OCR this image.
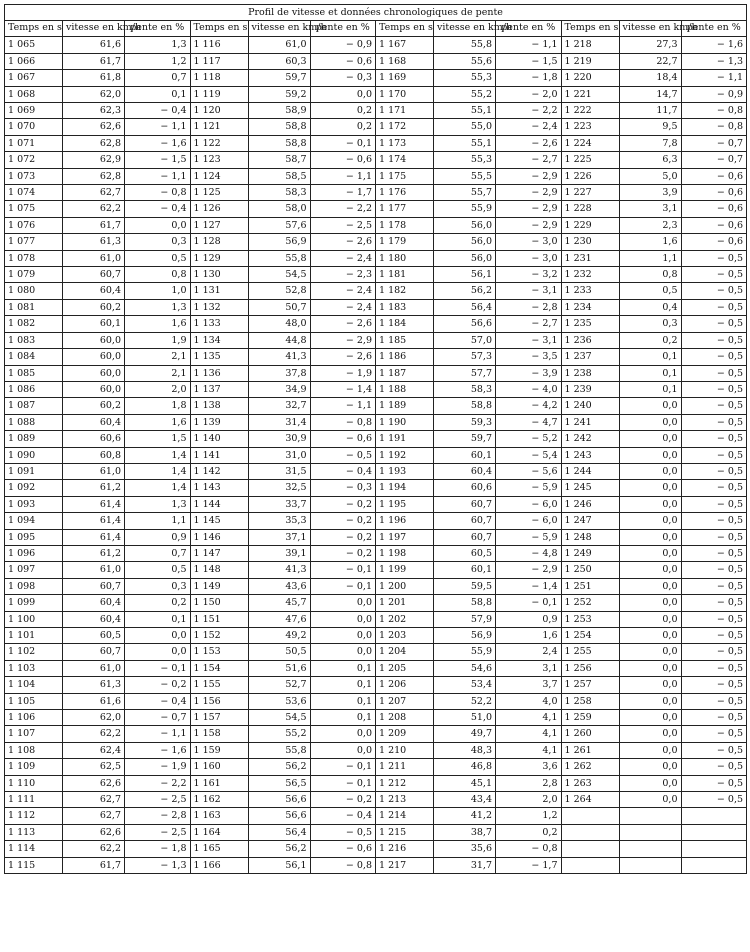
Profil de vitesse et données chronologiques de pente											
Temps en s	vitesse en km/h	pente en %	Temps en s	vitesse en km/h	pente en %	Temps en s	vitesse en km/h	pente en %	Temps en s	vitesse en km/h	pente en %
1 065	61,6	1,3	1 116	61,0	− 0,9	1 167	55,8	− 1,1	1 218	27,3	− 1,6
1 066	61,7	1,2	1 117	60,3	− 0,6	1 168	55,6	− 1,5	1 219	22,7	− 1,3
1 067	61,8	0,7	1 118	59,7	− 0,3	1 169	55,3	− 1,8	1 220	18,4	− 1,1
1 068	62,0	0,1	1 119	59,2	0,0	1 170	55,2	− 2,0	1 221	14,7	− 0,9
1 069	62,3	− 0,4	1 120	58,9	0,2	1 171	55,1	− 2,2	1 222	11,7	− 0,8
1 070	62,6	− 1,1	1 121	58,8	0,2	1 172	55,0	− 2,4	1 223	9,5	− 0,8
1 071	62,8	− 1,6	1 122	58,8	− 0,1	1 173	55,1	− 2,6	1 224	7,8	− 0,7
1 072	62,9	− 1,5	1 123	58,7	− 0,6	1 174	55,3	− 2,7	1 225	6,3	− 0,7
1 073	62,8	− 1,1	1 124	58,5	− 1,1	1 175	55,5	− 2,9	1 226	5,0	− 0,6
1 074	62,7	− 0,8	1 125	58,3	− 1,7	1 176	55,7	− 2,9	1 227	3,9	− 0,6
1 075	62,2	− 0,4	1 126	58,0	− 2,2	1 177	55,9	− 2,9	1 228	3,1	− 0,6
1 076	61,7	0,0	1 127	57,6	− 2,5	1 178	56,0	− 2,9	1 229	2,3	− 0,6
1 077	61,3	0,3	1 128	56,9	− 2,6	1 179	56,0	− 3,0	1 230	1,6	− 0,6
1 078	61,0	0,5	1 129	55,8	− 2,4	1 180	56,0	− 3,0	1 231	1,1	− 0,5
1 079	60,7	0,8	1 130	54,5	− 2,3	1 181	56,1	− 3,2	1 232	0,8	− 0,5
1 080	60,4	1,0	1 131	52,8	− 2,4	1 182	56,2	− 3,1	1 233	0,5	− 0,5
1 081	60,2	1,3	1 132	50,7	− 2,4	1 183	56,4	− 2,8	1 234	0,4	− 0,5
1 082	60,1	1,6	1 133	48,0	− 2,6	1 184	56,6	− 2,7	1 235	0,3	− 0,5
1 083	60,0	1,9	1 134	44,8	− 2,9	1 185	57,0	− 3,1	1 236	0,2	− 0,5
1 084	60,0	2,1	1 135	41,3	− 2,6	1 186	57,3	− 3,5	1 237	0,1	− 0,5
1 085	60,0	2,1	1 136	37,8	− 1,9	1 187	57,7	− 3,9	1 238	0,1	− 0,5
1 086	60,0	2,0	1 137	34,9	− 1,4	1 188	58,3	− 4,0	1 239	0,1	− 0,5
1 087	60,2	1,8	1 138	32,7	− 1,1	1 189	58,8	− 4,2	1 240	0,0	− 0,5
1 088	60,4	1,6	1 139	31,4	− 0,8	1 190	59,3	− 4,7	1 241	0,0	− 0,5
1 089	60,6	1,5	1 140	30,9	− 0,6	1 191	59,7	− 5,2	1 242	0,0	− 0,5
1 090	60,8	1,4	1 141	31,0	− 0,5	1 192	60,1	− 5,4	1 243	0,0	− 0,5
1 091	61,0	1,4	1 142	31,5	− 0,4	1 193	60,4	− 5,6	1 244	0,0	− 0,5
1 092	61,2	1,4	1 143	32,5	− 0,3	1 194	60,6	− 5,9	1 245	0,0	− 0,5
1 093	61,4	1,3	1 144	33,7	− 0,2	1 195	60,7	− 6,0	1 246	0,0	− 0,5
1 094	61,4	1,1	1 145	35,3	− 0,2	1 196	60,7	− 6,0	1 247	0,0	− 0,5
1 095	61,4	0,9	1 146	37,1	− 0,2	1 197	60,7	− 5,9	1 248	0,0	− 0,5
1 096	61,2	0,7	1 147	39,1	− 0,2	1 198	60,5	− 4,8	1 249	0,0	− 0,5
1 097	61,0	0,5	1 148	41,3	− 0,1	1 199	60,1	− 2,9	1 250	0,0	− 0,5
1 098	60,7	0,3	1 149	43,6	− 0,1	1 200	59,5	− 1,4	1 251	0,0	− 0,5
1 099	60,4	0,2	1 150	45,7	0,0	1 201	58,8	− 0,1	1 252	0,0	− 0,5
1 100	60,4	0,1	1 151	47,6	0,0	1 202	57,9	0,9	1 253	0,0	− 0,5
1 101	60,5	0,0	1 152	49,2	0,0	1 203	56,9	1,6	1 254	0,0	− 0,5
1 102	60,7	0,0	1 153	50,5	0,0	1 204	55,9	2,4	1 255	0,0	− 0,5
1 103	61,0	− 0,1	1 154	51,6	0,1	1 205	54,6	3,1	1 256	0,0	− 0,5
1 104	61,3	− 0,2	1 155	52,7	0,1	1 206	53,4	3,7	1 257	0,0	− 0,5
1 105	61,6	− 0,4	1 156	53,6	0,1	1 207	52,2	4,0	1 258	0,0	− 0,5
1 106	62,0	− 0,7	1 157	54,5	0,1	1 208	51,0	4,1	1 259	0,0	− 0,5
1 107	62,2	− 1,1	1 158	55,2	0,0	1 209	49,7	4,1	1 260	0,0	− 0,5
1 108	62,4	− 1,6	1 159	55,8	0,0	1 210	48,3	4,1	1 261	0,0	− 0,5
1 109	62,5	− 1,9	1 160	56,2	− 0,1	1 211	46,8	3,6	1 262	0,0	− 0,5
1 110	62,6	− 2,2	1 161	56,5	− 0,1	1 212	45,1	2,8	1 263	0,0	− 0,5
1 111	62,7	− 2,5	1 162	56,6	− 0,2	1 213	43,4	2,0	1 264	0,0	− 0,5
1 112	62,7	− 2,8	1 163	56,6	− 0,4	1 214	41,2	1,2			
1 113	62,6	− 2,5	1 164	56,4	− 0,5	1 215	38,7	0,2			
1 114	62,2	− 1,8	1 165	56,2	− 0,6	1 216	35,6	− 0,8			
1 115	61,7	− 1,3	1 166	56,1	− 0,8	1 217	31,7	− 1,7			
